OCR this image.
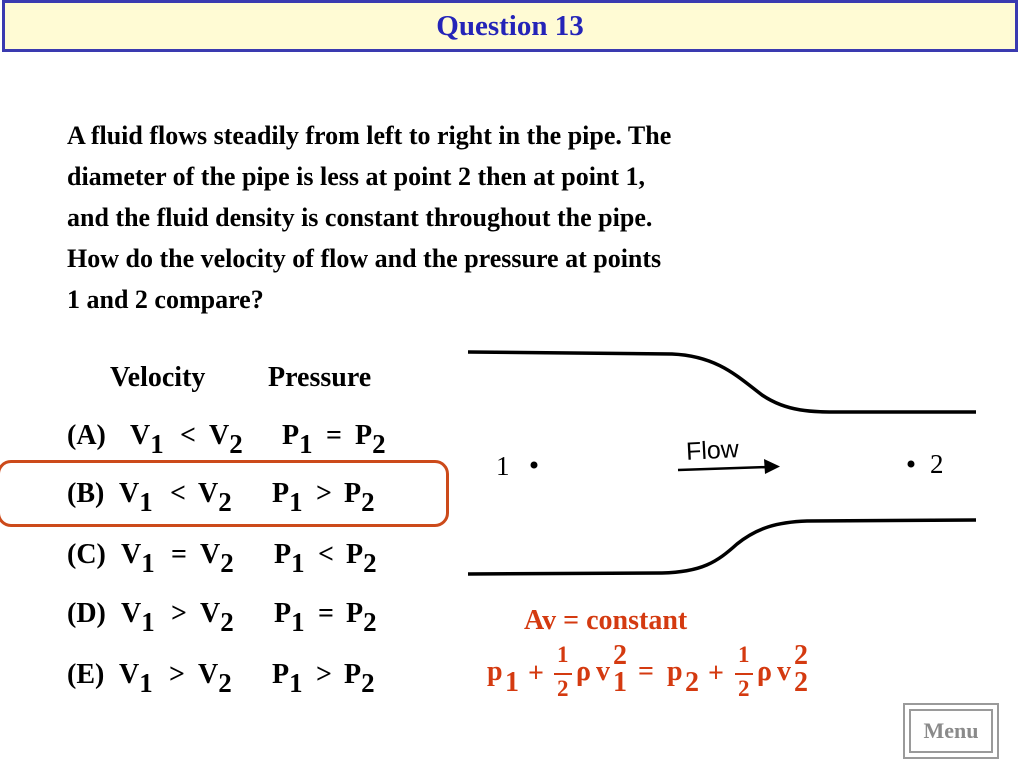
Question 13
A fluid flows steadily from left to right in the pipe. The
diameter of the pipe is less at point 2 then at point 1,
and the fluid density is constant throughout the pipe.
How do the velocity of flow and the pressure at points
1 and 2 compare?
Velocity Pressure
(A) $V_1 < V_2$ $P_1 = P_2$
(B) $V_1 < V_2$ $P_1 > P_2$
(C) $V_1 = V_2$ $P_1 < P_2$
(D) $V_1 > V_2$ $P_1 = P_2$
(E) $V_1 > V_2$ $P_1 > P_2$
1
Flow	2
Av = constant
p 1 +
1
2
ρ v
2
1 = p 2 +
1
2
ρ v
2
2
Menu
